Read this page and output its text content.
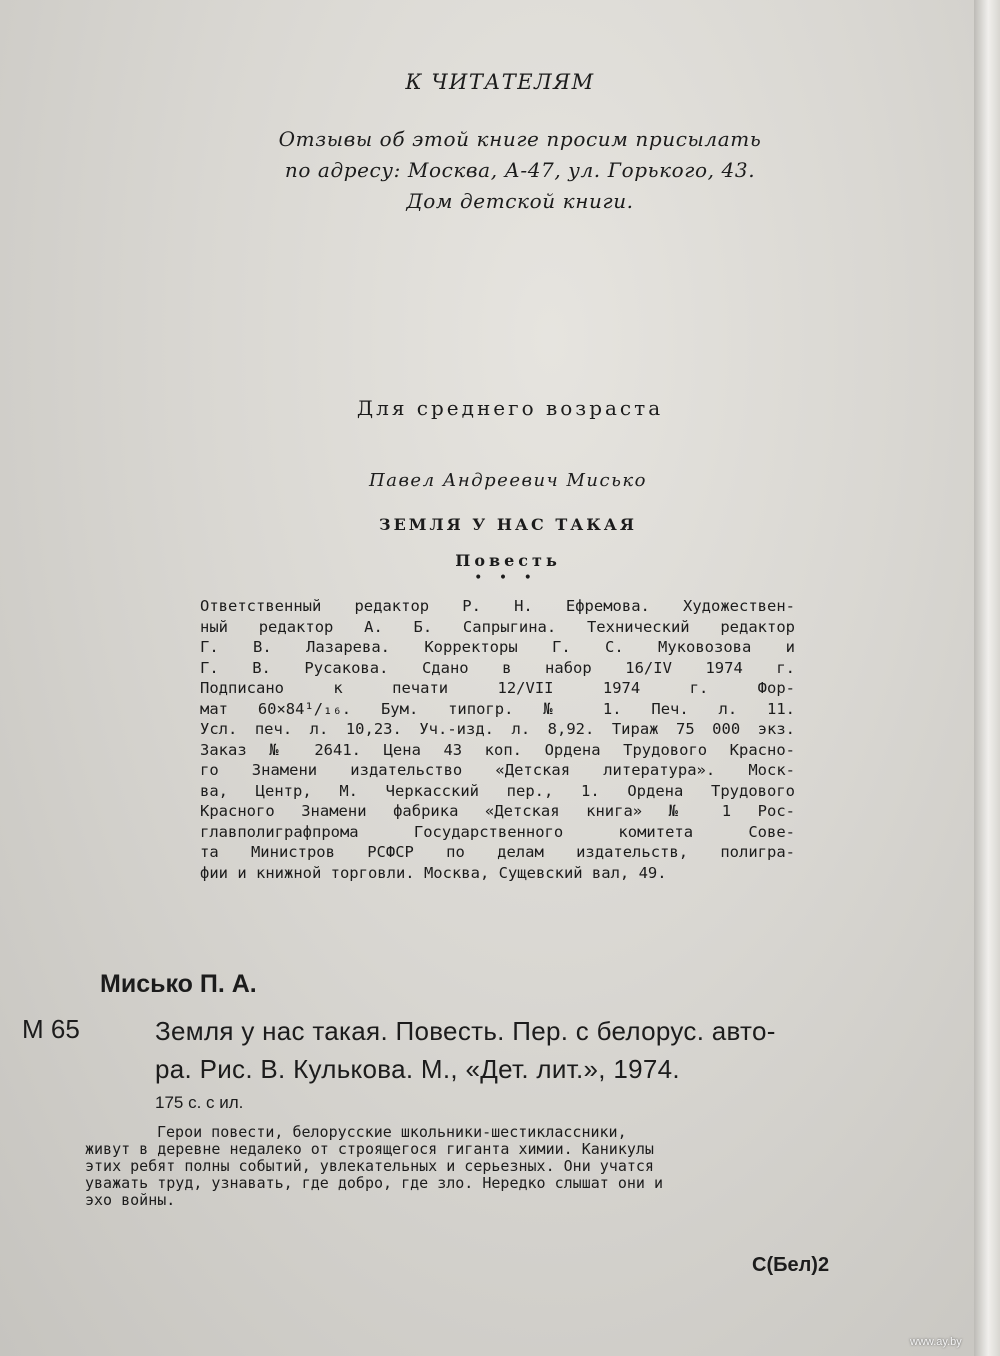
К ЧИТАТЕЛЯМ
Отзывы об этой книге просим присылать
по адресу: Москва, А-47, ул. Горького, 43.
Дом детской книги.
Для среднего возраста
Павел Андреевич Мисько
ЗЕМЛЯ У НАС ТАКАЯ
Повесть
• • •
Ответственный редактор Р. Н. Ефремова. Художествен-
ный редактор А. Б. Сапрыгина. Технический редактор
Г. В. Лазарева. Корректоры Г. С. Муковозова и
Г. В. Русакова. Сдано в набор 16/IV 1974 г.
Подписано к печати 12/VII 1974 г. Фор-
мат 60×84¹/₁₆. Бум. типогр. № 1. Печ. л. 11.
Усл. печ. л. 10,23. Уч.-изд. л. 8,92. Тираж 75 000 экз.
Заказ № 2641. Цена 43 коп. Ордена Трудового Красно-
го Знамени издательство «Детская литература». Моск-
ва, Центр, М. Черкасский пер., 1. Ордена Трудового
Красного Знамени фабрика «Детская книга» № 1 Рос-
главполиграфпрома Государственного комитета Сове-
та Министров РСФСР по делам издательств, полигра-
фии и книжной торговли. Москва, Сущевский вал, 49.
Мисько П. А.
М 65	Земля у нас такая. Повесть. Пер. с белорус. авто-
ра. Рис. В. Кулькова. М., «Дет. лит.», 1974.
175 с. с ил.
Герои повести, белорусские школьники-шестиклассники,
живут в деревне недалеко от строящегося гиганта химии. Каникулы
этих ребят полны событий, увлекательных и серьезных. Они учатся
уважать труд, узнавать, где добро, где зло. Нередко слышат они и
эхо войны.
С(Бел)2
www.ay.by
